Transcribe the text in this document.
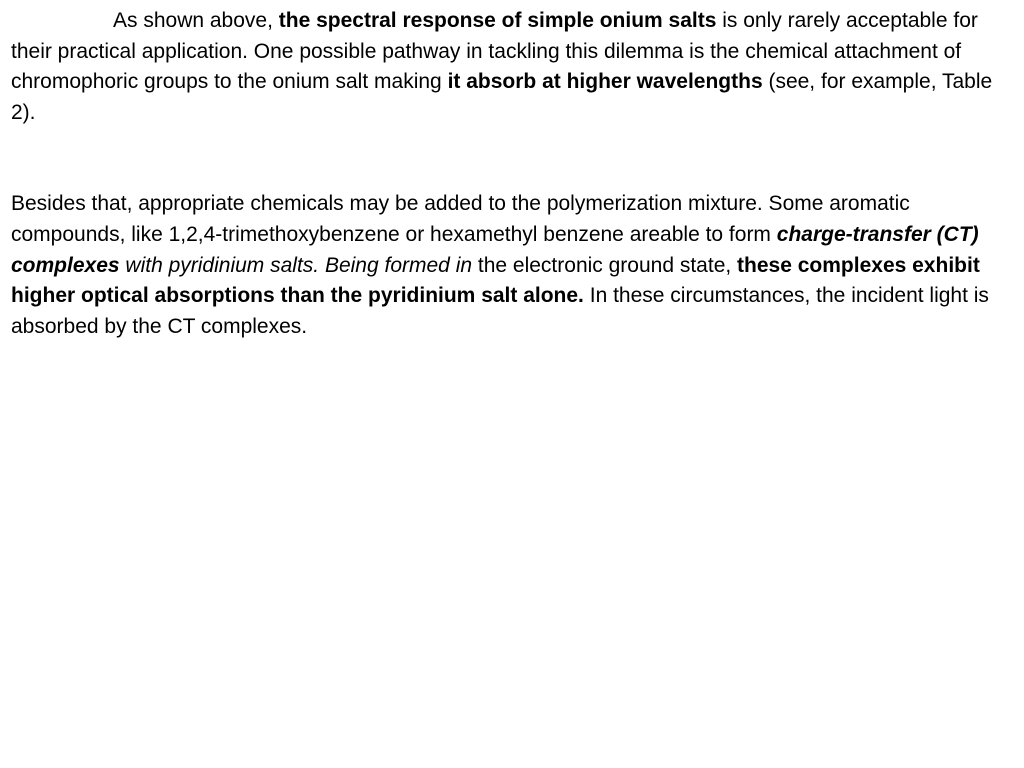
As shown above, the spectral response of simple onium salts is only rarely acceptable for their practical application. One possible pathway in tackling this dilemma is the chemical attachment of chromophoric groups to the onium salt making it absorb at higher wavelengths (see, for example, Table 2).

Besides that, appropriate chemicals may be added to the polymerization mixture. Some aromatic compounds, like 1,2,4-trimethoxybenzene or hexamethyl benzene areable to form charge-transfer (CT) complexes with pyridinium salts. Being formed in the electronic ground state, these complexes exhibit higher optical absorptions than the pyridinium salt alone. In these circumstances, the incident light is absorbed by the CT complexes.
